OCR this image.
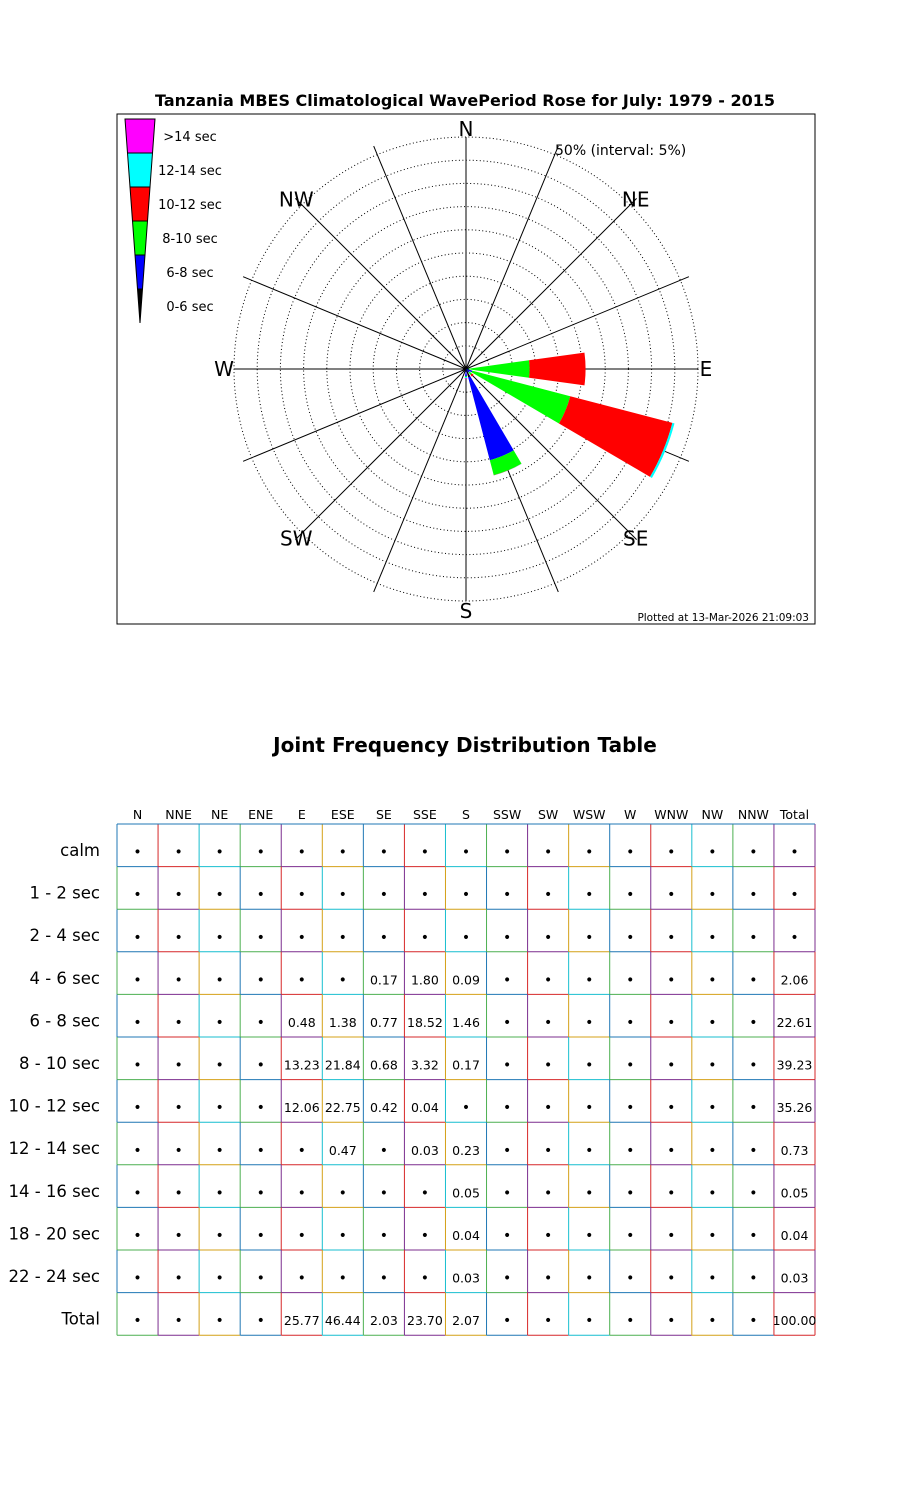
Tanzania MBES Climatological WavePeriod Rose for July: 1979 - 2015
N
NE
E
SE
S
SW
W
NW
50% (interval: 5%)
>14 sec
12-14 sec
10-12 sec
8-10 sec
6-8 sec
0-6 sec
Plotted at 13-Mar-2026 21:09:03
Joint Frequency Distribution Table
N NNE NE ENE E ESE SE SSE S SSW SW WSW W WNW NW NNW Total
calm
1 - 2 sec
2 - 4 sec
4 - 6 sec
6 - 8 sec
8 - 10 sec
10 - 12 sec
12 - 14 sec
14 - 16 sec
18 - 20 sec
22 - 24 sec
Total
• • • • • • • • • • • • • • • • •
• • • • • • • • • • • • • • • • •
• • • • • • • • • • • • • • • • •
• • • • • • 0.17 1.80 0.09 • • • • • • • 2.06
• • • • 0.48 1.38 0.77 18.52 1.46 • • • • • • • 22.61
• • • • 13.23 21.84 0.68 3.32 0.17 • • • • • • • 39.23
• • • • 12.06 22.75 0.42 0.04 • • • • • • • • 35.26
• • • • • 0.47 • 0.03 0.23 • • • • • • • 0.73
• • • • • • • • 0.05 • • • • • • • 0.05
• • • • • • • • 0.04 • • • • • • • 0.04
• • • • • • • • 0.03 • • • • • • • 0.03
• • • • 25.77 46.44 2.03 23.70 2.07 • • • • • • • 100.00
